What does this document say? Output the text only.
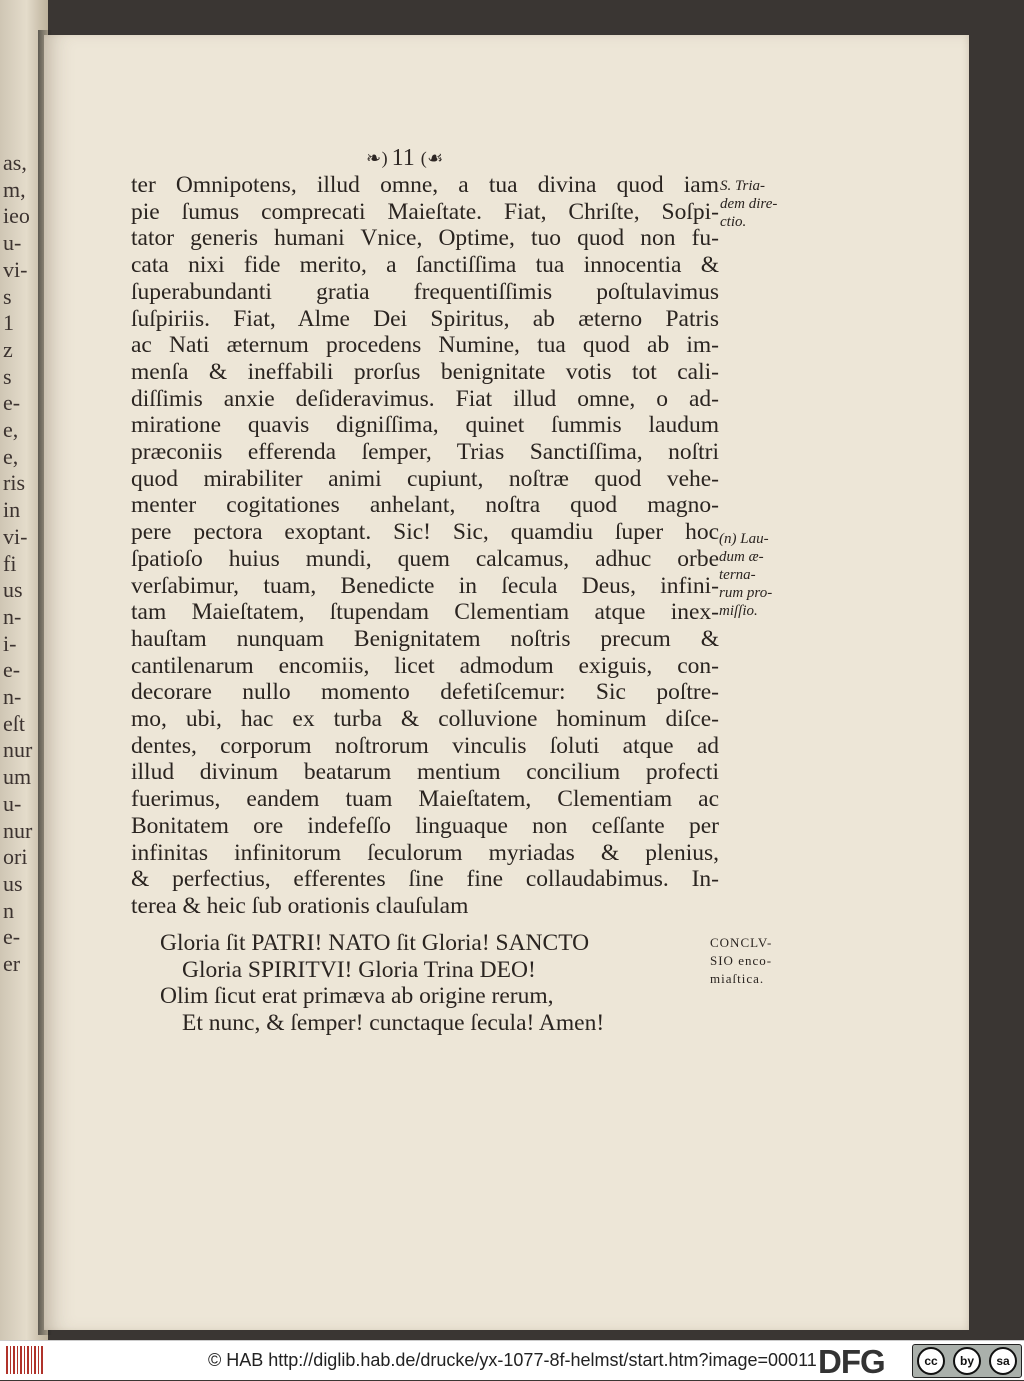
as,
m,
ieo
u-
vi-
s
1
z
s
e-
e,
e,
ris
in
vi-
fi
us
n-
i-
e-
n-
eſt
nur
um
u-
nur
ori
us
n
e-
er
❧ ) 11 ( ☙
ter Omnipotens, illud omne, a tua divina quod iam
pie ſumus comprecati Maieſtate. Fiat, Chriſte, Soſpi-
tator generis humani Vnice, Optime, tuo quod non fu-
cata nixi fide merito, a ſanctiſſima tua innocentia &
ſuperabundanti gratia frequentiſſimis poſtulavimus
ſuſpiriis. Fiat, Alme Dei Spiritus, ab æterno Patris
ac Nati æternum procedens Numine, tua quod ab im-
menſa & ineffabili prorſus benignitate votis tot cali-
diſſimis anxie deſideravimus. Fiat illud omne, o ad-
miratione quavis digniſſima, quinet ſummis laudum
præconiis efferenda ſemper, Trias Sanctiſſima, noſtri
quod mirabiliter animi cupiunt, noſtræ quod vehe-
menter cogitationes anhelant, noſtra quod magno-
pere pectora exoptant. Sic! Sic, quamdiu ſuper hoc
ſpatioſo huius mundi, quem calcamus, adhuc orbe
verſabimur, tuam, Benedicte in ſecula Deus, infini-
tam Maieſtatem, ſtupendam Clementiam atque inex-
hauſtam nunquam Benignitatem noſtris precum &
cantilenarum encomiis, licet admodum exiguis, con-
decorare nullo momento defetiſcemur: Sic poſtre-
mo, ubi, hac ex turba & colluvione hominum diſce-
dentes, corporum noſtrorum vinculis ſoluti atque ad
illud divinum beatarum mentium concilium profecti
fuerimus, eandem tuam Maieſtatem, Clementiam ac
Bonitatem ore indefeſſo linguaque non ceſſante per
infinitas infinitorum ſeculorum myriadas & plenius,
& perfectius, efferentes ſine fine collaudabimus. In-
terea & heic ſub orationis clauſulam
Gloria ſit PATRI! NATO ſit Gloria! SANCTO
Gloria SPIRITVI! Gloria Trina DEO!
Olim ſicut erat primæva ab origine rerum,
Et nunc, & ſemper! cunctaque ſecula! Amen!
S. Tria-
dem dire-
ctio.
(n) Lau-
dum æ-
terna-
rum pro-
miſſio.
CONCLV-
SIO enco-
miaſtica.
© HAB http://diglib.hab.de/drucke/yx-1077-8f-helmst/start.htm?image=00011 DFG	cc	by	sa
